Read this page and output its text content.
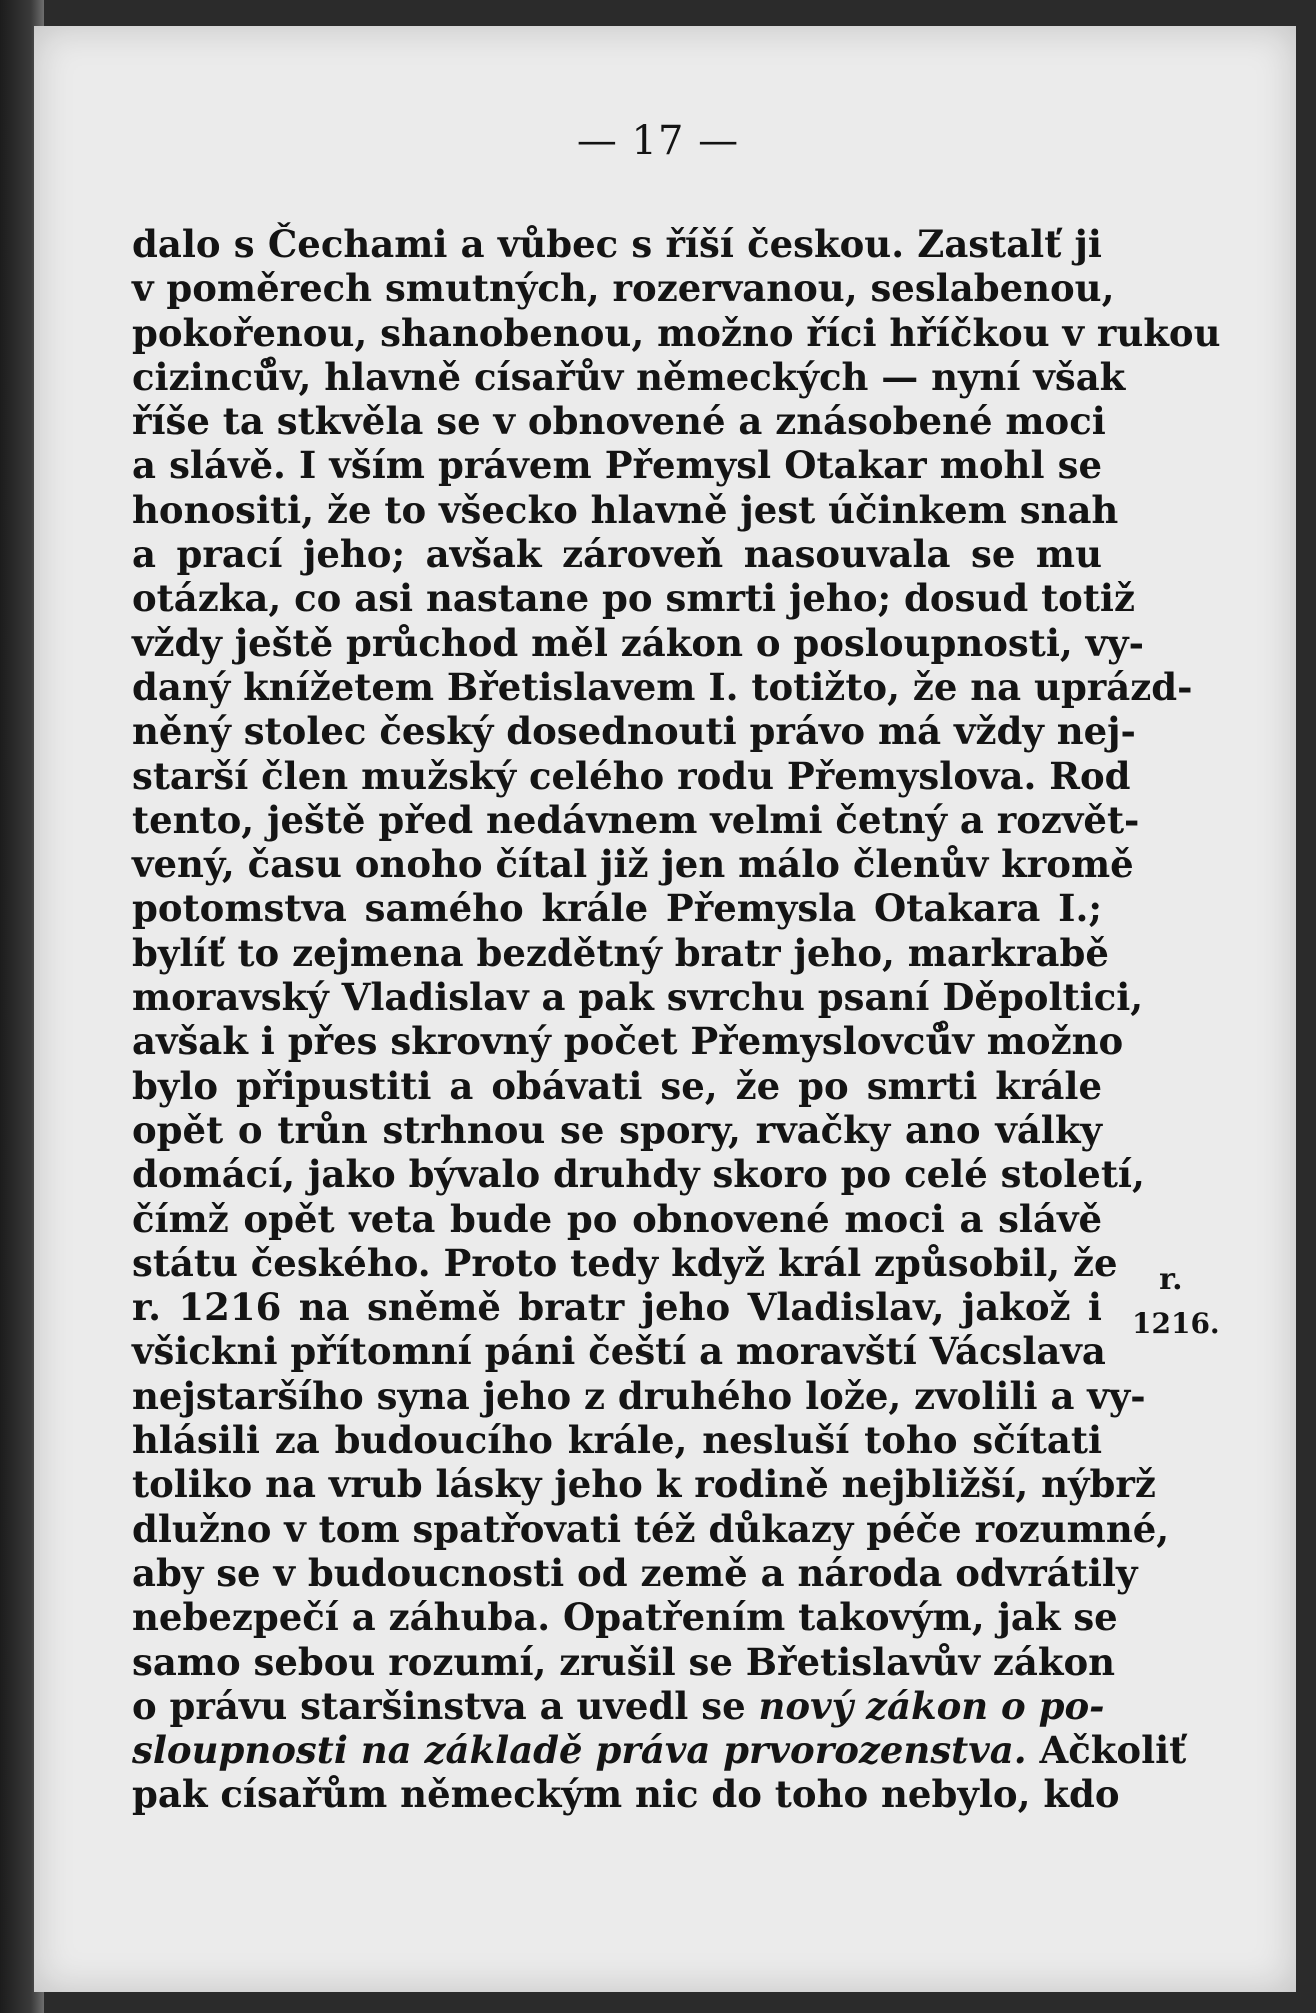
— 17 —
dalo s Čechami a vůbec s říší českou. Zastalť ji
v poměrech smutných, rozervanou, seslabenou,
pokořenou, shanobenou, možno říci hříčkou v rukou
cizinců̊v, hlavně císařův německých — nyní však
říše ta stkvěla se v obnovené a znásobené moci
a slávě. I vším právem Přemysl Otakar mohl se
honositi, že to všecko hlavně jest účinkem snah
a prací jeho; avšak zároveň nasouvala se mu
otázka, co asi nastane po smrti jeho; dosud totiž
vždy ještě průchod měl zákon o posloupnosti, vy-
daný knížetem Břetislavem I. totižto, že na uprázd-
něný stolec český dosednouti právo má vždy nej-
starší člen mužský celého rodu Přemyslova. Rod
tento, ještě před nedávnem velmi četný a rozvět-
vený, času onoho čítal již jen málo členův kromě
potomstva samého krále Přemysla Otakara I.;
bylíť to zejmena bezdětný bratr jeho, markrabě
moravský Vladislav a pak svrchu psaní Děpoltici,
avšak i přes skrovný počet Přemyslovců̊v možno
bylo připustiti a obávati se, že po smrti krále
opět o trůn strhnou se spory, rvačky ano války
domácí, jako bývalo druhdy skoro po celé století,
čímž opět veta bude po obnovené moci a slávě
státu českého. Proto tedy když král způsobil, že
r. 1216 na sněmě bratr jeho Vladislav, jakož i
všickni přítomní páni čeští a moravští Vácslava
nejstaršího syna jeho z druhého lože, zvolili a vy-
hlásili za budoucího krále, nesluší toho sčítati
toliko na vrub lásky jeho k rodině nejbližší, nýbrž
dlužno v tom spatřovati též důkazy péče rozumné,
aby se v budoucnosti od země a národa odvrátily
nebezpečí a záhuba. Opatřením takovým, jak se
samo sebou rozumí, zrušil se Břetislavův zákon
o právu staršinstva a uvedl se nový zákon o po-
sloupnosti na základě práva prvorozenstva. Ačkoliť
pak císařům německým nic do toho nebylo, kdo
r.
1216.
